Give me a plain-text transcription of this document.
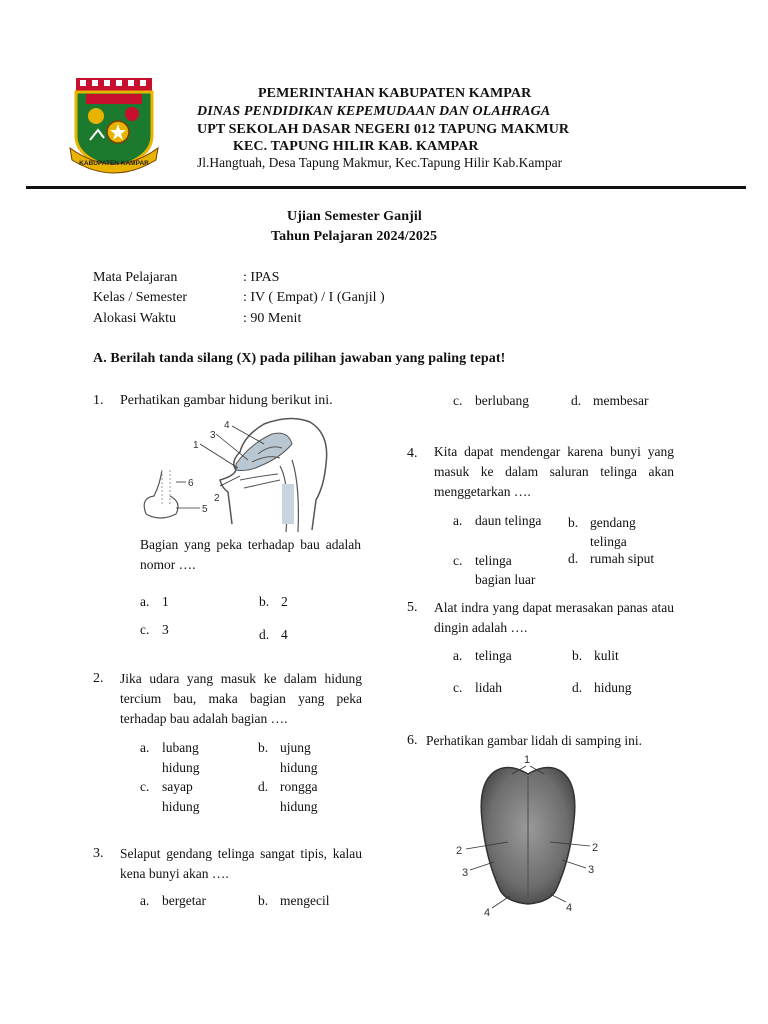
KABUPATEN KAMPAR
PEMERINTAHAN KABUPATEN KAMPAR
DINAS PENDIDIKAN KEPEMUDAAN DAN OLAHRAGA
UPT SEKOLAH DASAR NEGERI 012 TAPUNG MAKMUR
KEC. TAPUNG HILIR KAB. KAMPAR
Jl.Hangtuah, Desa Tapung Makmur, Kec.Tapung Hilir Kab.Kampar
Ujian Semester Ganjil
Tahun Pelajaran 2024/2025
Mata Pelajaran	: IPAS
Kelas / Semester	: IV ( Empat) / I (Ganjil )
Alokasi Waktu	: 90 Menit
A. Berilah tanda silang (X) pada pilihan jawaban yang paling tepat!
1. Perhatikan gambar hidung berikut ini.
1
2
3
4
5
6
Bagian yang peka terhadap bau adalah nomor ….
a. 1	b. 2
c. 3	d. 4
2. Jika udara yang masuk ke dalam hidung tercium bau, maka bagian yang peka terhadap bau adalah bagian ….
a. lubang
hidung
b. ujung
hidung
c. sayap
hidung
d. rongga
hidung
3. Selaput gendang telinga sangat tipis, kalau kena bunyi akan ….
a. bergetar	b. mengecil
c. berlubang	d. membesar
4. Kita dapat mendengar karena bunyi yang masuk ke dalam saluran telinga akan menggetarkan ….
a. daun telinga b. gendang
telinga
c. telinga
bagian luar
d. rumah siput
5. Alat indra yang dapat merasakan panas atau dingin adalah ….
a. telinga	b. kulit
c. lidah	d. hidung
6. Perhatikan gambar lidah di samping ini.
1
2	2
3	3
4	4
